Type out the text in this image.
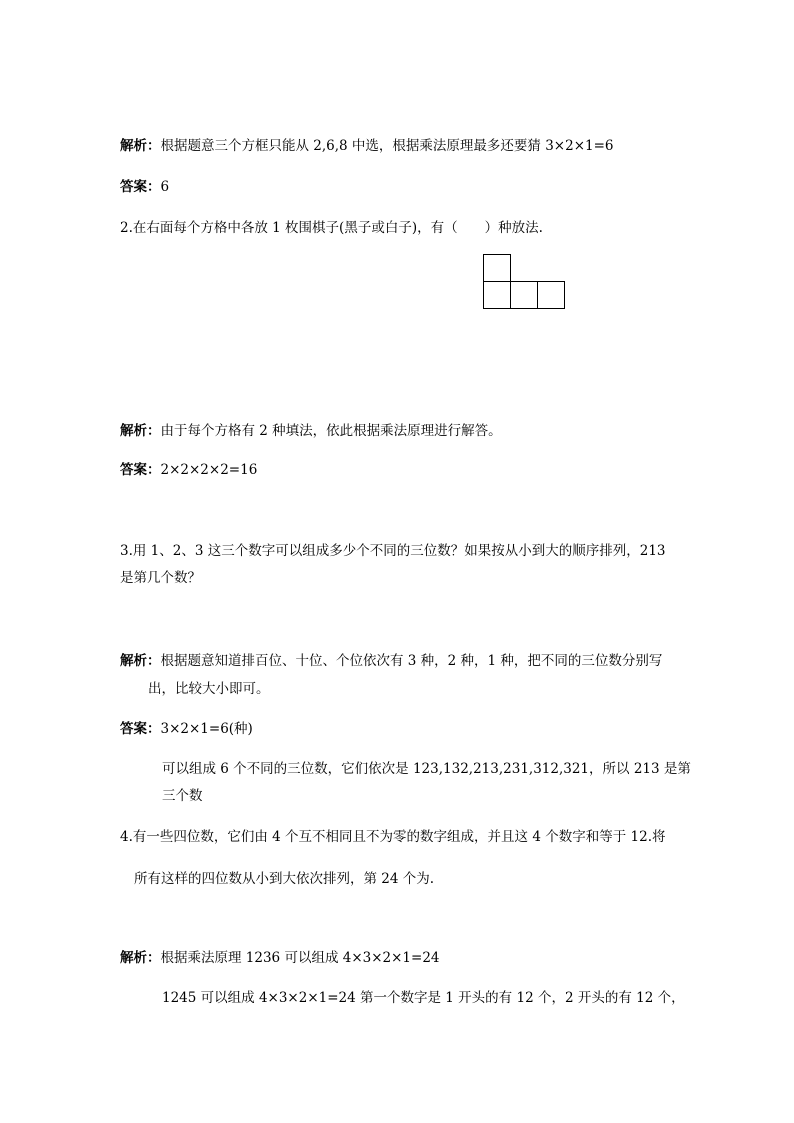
解析：根据题意三个方框只能从 2,6,8 中选，根据乘法原理最多还要猜 3×2×1=6
答案：6
2.在右面每个方格中各放 1 枚围棋子(黑子或白子)，有（　　）种放法.
解析：由于每个方格有 2 种填法，依此根据乘法原理进行解答。
答案：2×2×2×2=16
3.用 1、2、3 这三个数字可以组成多少个不同的三位数？如果按从小到大的顺序排列，213
是第几个数？
解析：根据题意知道排百位、十位、个位依次有 3 种，2 种，1 种，把不同的三位数分别写
出，比较大小即可。
答案：3×2×1=6(种)
可以组成 6 个不同的三位数，它们依次是 123,132,213,231,312,321，所以 213 是第
三个数
4.有一些四位数，它们由 4 个互不相同且不为零的数字组成，并且这 4 个数字和等于 12.将
所有这样的四位数从小到大依次排列，第 24 个为.
解析：根据乘法原理 1236 可以组成 4×3×2×1=24
1245 可以组成 4×3×2×1=24 第一个数字是 1 开头的有 12 个，2 开头的有 12 个，
